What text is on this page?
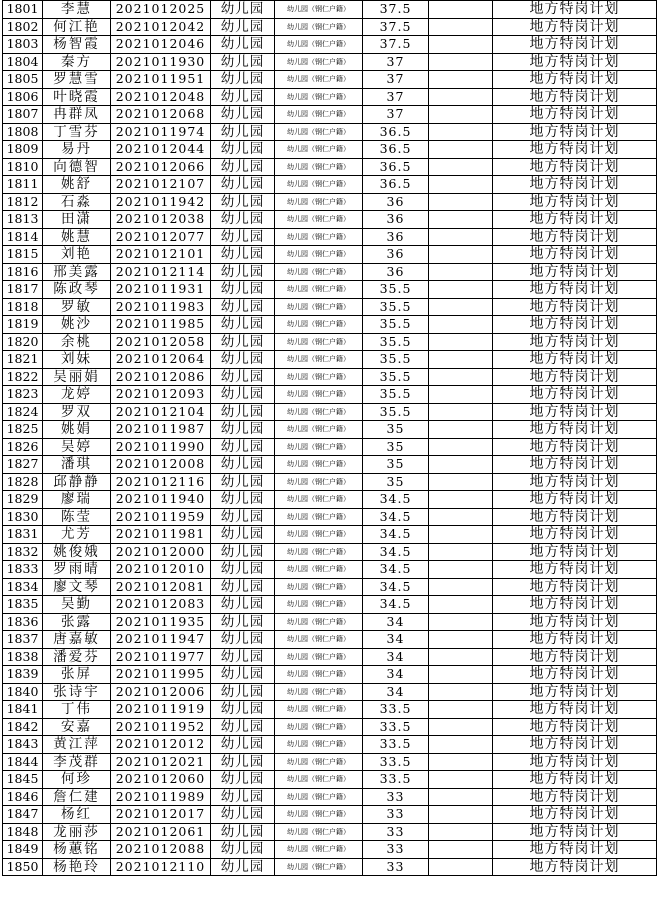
1801	李慧	2021012025	幼儿园	幼儿园（钢仁户籍）	37.5		地方特岗计划
1802	何江艳	2021012042	幼儿园	幼儿园（钢仁户籍）	37.5		地方特岗计划
1803	杨智霞	2021012046	幼儿园	幼儿园（钢仁户籍）	37.5		地方特岗计划
1804	秦方	2021011930	幼儿园	幼儿园（钢仁户籍）	37		地方特岗计划
1805	罗慧雪	2021011951	幼儿园	幼儿园（钢仁户籍）	37		地方特岗计划
1806	叶晓霞	2021012048	幼儿园	幼儿园（钢仁户籍）	37		地方特岗计划
1807	冉群凤	2021012068	幼儿园	幼儿园（钢仁户籍）	37		地方特岗计划
1808	丁雪芬	2021011974	幼儿园	幼儿园（钢仁户籍）	36.5		地方特岗计划
1809	易丹	2021012044	幼儿园	幼儿园（钢仁户籍）	36.5		地方特岗计划
1810	向德智	2021012066	幼儿园	幼儿园（钢仁户籍）	36.5		地方特岗计划
1811	姚舒	2021012107	幼儿园	幼儿园（钢仁户籍）	36.5		地方特岗计划
1812	石淼	2021011942	幼儿园	幼儿园（钢仁户籍）	36		地方特岗计划
1813	田潇	2021012038	幼儿园	幼儿园（钢仁户籍）	36		地方特岗计划
1814	姚慧	2021012077	幼儿园	幼儿园（钢仁户籍）	36		地方特岗计划
1815	刘艳	2021012101	幼儿园	幼儿园（钢仁户籍）	36		地方特岗计划
1816	邢美露	2021012114	幼儿园	幼儿园（钢仁户籍）	36		地方特岗计划
1817	陈政琴	2021011931	幼儿园	幼儿园（钢仁户籍）	35.5		地方特岗计划
1818	罗敏	2021011983	幼儿园	幼儿园（钢仁户籍）	35.5		地方特岗计划
1819	姚沙	2021011985	幼儿园	幼儿园（钢仁户籍）	35.5		地方特岗计划
1820	余桃	2021012058	幼儿园	幼儿园（钢仁户籍）	35.5		地方特岗计划
1821	刘妹	2021012064	幼儿园	幼儿园（钢仁户籍）	35.5		地方特岗计划
1822	吴丽娟	2021012086	幼儿园	幼儿园（钢仁户籍）	35.5		地方特岗计划
1823	龙婷	2021012093	幼儿园	幼儿园（钢仁户籍）	35.5		地方特岗计划
1824	罗双	2021012104	幼儿园	幼儿园（钢仁户籍）	35.5		地方特岗计划
1825	姚娟	2021011987	幼儿园	幼儿园（钢仁户籍）	35		地方特岗计划
1826	吴婷	2021011990	幼儿园	幼儿园（钢仁户籍）	35		地方特岗计划
1827	潘琪	2021012008	幼儿园	幼儿园（钢仁户籍）	35		地方特岗计划
1828	邱静静	2021012116	幼儿园	幼儿园（钢仁户籍）	35		地方特岗计划
1829	廖瑞	2021011940	幼儿园	幼儿园（钢仁户籍）	34.5		地方特岗计划
1830	陈莹	2021011959	幼儿园	幼儿园（钢仁户籍）	34.5		地方特岗计划
1831	尤芳	2021011981	幼儿园	幼儿园（钢仁户籍）	34.5		地方特岗计划
1832	姚俊娥	2021012000	幼儿园	幼儿园（钢仁户籍）	34.5		地方特岗计划
1833	罗雨晴	2021012010	幼儿园	幼儿园（钢仁户籍）	34.5		地方特岗计划
1834	廖文琴	2021012081	幼儿园	幼儿园（钢仁户籍）	34.5		地方特岗计划
1835	吴勤	2021012083	幼儿园	幼儿园（钢仁户籍）	34.5		地方特岗计划
1836	张露	2021011935	幼儿园	幼儿园（钢仁户籍）	34		地方特岗计划
1837	唐嘉敏	2021011947	幼儿园	幼儿园（钢仁户籍）	34		地方特岗计划
1838	潘爱芬	2021011977	幼儿园	幼儿园（钢仁户籍）	34		地方特岗计划
1839	张屏	2021011995	幼儿园	幼儿园（钢仁户籍）	34		地方特岗计划
1840	张诗宇	2021012006	幼儿园	幼儿园（钢仁户籍）	34		地方特岗计划
1841	丁伟	2021011919	幼儿园	幼儿园（钢仁户籍）	33.5		地方特岗计划
1842	安嘉	2021011952	幼儿园	幼儿园（钢仁户籍）	33.5		地方特岗计划
1843	黄江萍	2021012012	幼儿园	幼儿园（钢仁户籍）	33.5		地方特岗计划
1844	李茂群	2021012021	幼儿园	幼儿园（钢仁户籍）	33.5		地方特岗计划
1845	何珍	2021012060	幼儿园	幼儿园（钢仁户籍）	33.5		地方特岗计划
1846	詹仁建	2021011989	幼儿园	幼儿园（钢仁户籍）	33		地方特岗计划
1847	杨红	2021012017	幼儿园	幼儿园（钢仁户籍）	33		地方特岗计划
1848	龙丽莎	2021012061	幼儿园	幼儿园（钢仁户籍）	33		地方特岗计划
1849	杨蕙铭	2021012088	幼儿园	幼儿园（钢仁户籍）	33		地方特岗计划
1850	杨艳玲	2021012110	幼儿园	幼儿园（钢仁户籍）	33		地方特岗计划
